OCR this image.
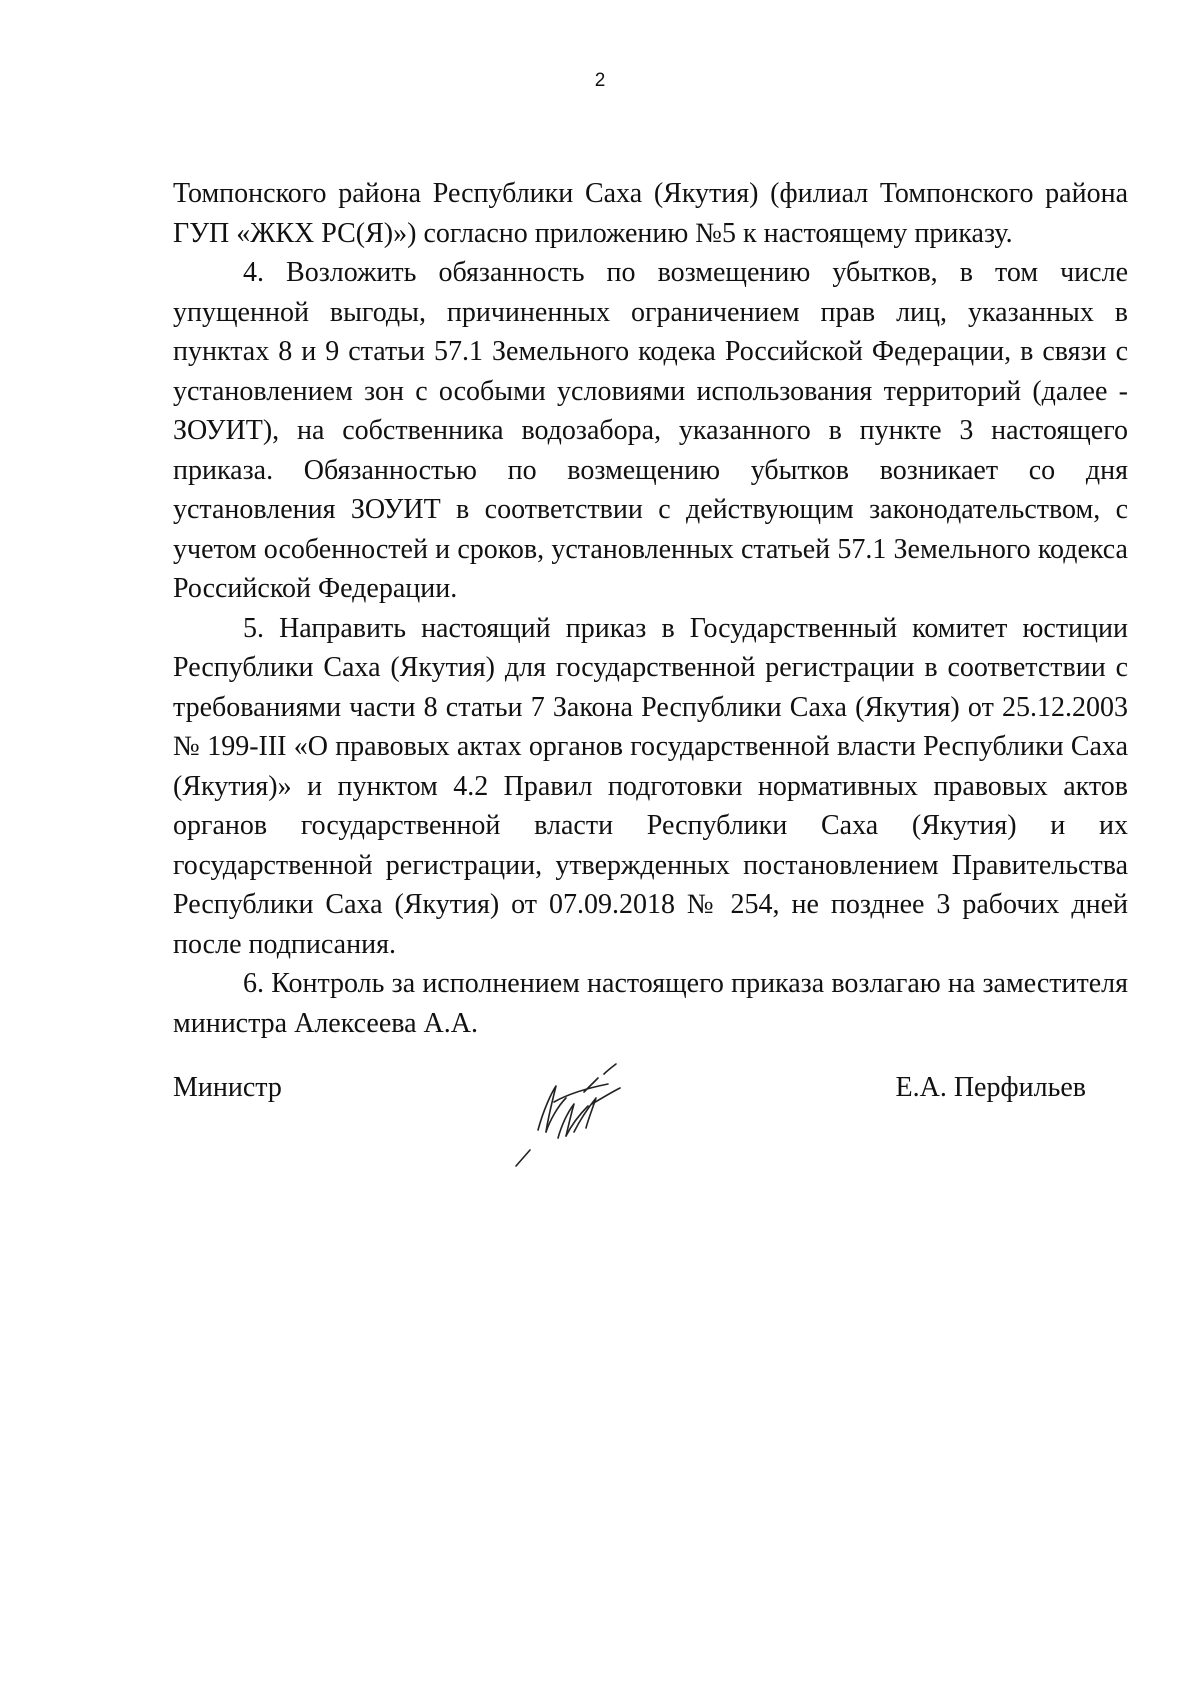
2

Томпонского района Республики Саха (Якутия) (филиал Томпонского района ГУП «ЖКХ РС(Я)») согласно приложению №5 к настоящему приказу.

4. Возложить обязанность по возмещению убытков, в том числе упущенной выгоды, причиненных ограничением прав лиц, указанных в пунктах 8 и 9 статьи 57.1 Земельного кодека Российской Федерации, в связи с установлением зон с особыми условиями использования территорий (далее - ЗОУИТ), на собственника водозабора, указанного в пункте 3 настоящего приказа. Обязанностью по возмещению убытков возникает со дня установления ЗОУИТ в соответствии с действующим законодательством, с учетом особенностей и сроков, установленных статьей 57.1 Земельного кодекса Российской Федерации.

5. Направить настоящий приказ в Государственный комитет юстиции Республики Саха (Якутия) для государственной регистрации в соответствии с требованиями части 8 статьи 7 Закона Республики Саха (Якутия) от 25.12.2003 № 199-III «О правовых актах органов государственной власти Республики Саха (Якутия)» и пунктом 4.2 Правил подготовки нормативных правовых актов органов государственной власти Республики Саха (Якутия) и их государственной регистрации, утвержденных постановлением Правительства Республики Саха (Якутия) от 07.09.2018 № 254, не позднее 3 рабочих дней после подписания.

6. Контроль за исполнением настоящего приказа возлагаю на заместителя министра Алексеева А.А.

Министр	Е.А. Перфильев
